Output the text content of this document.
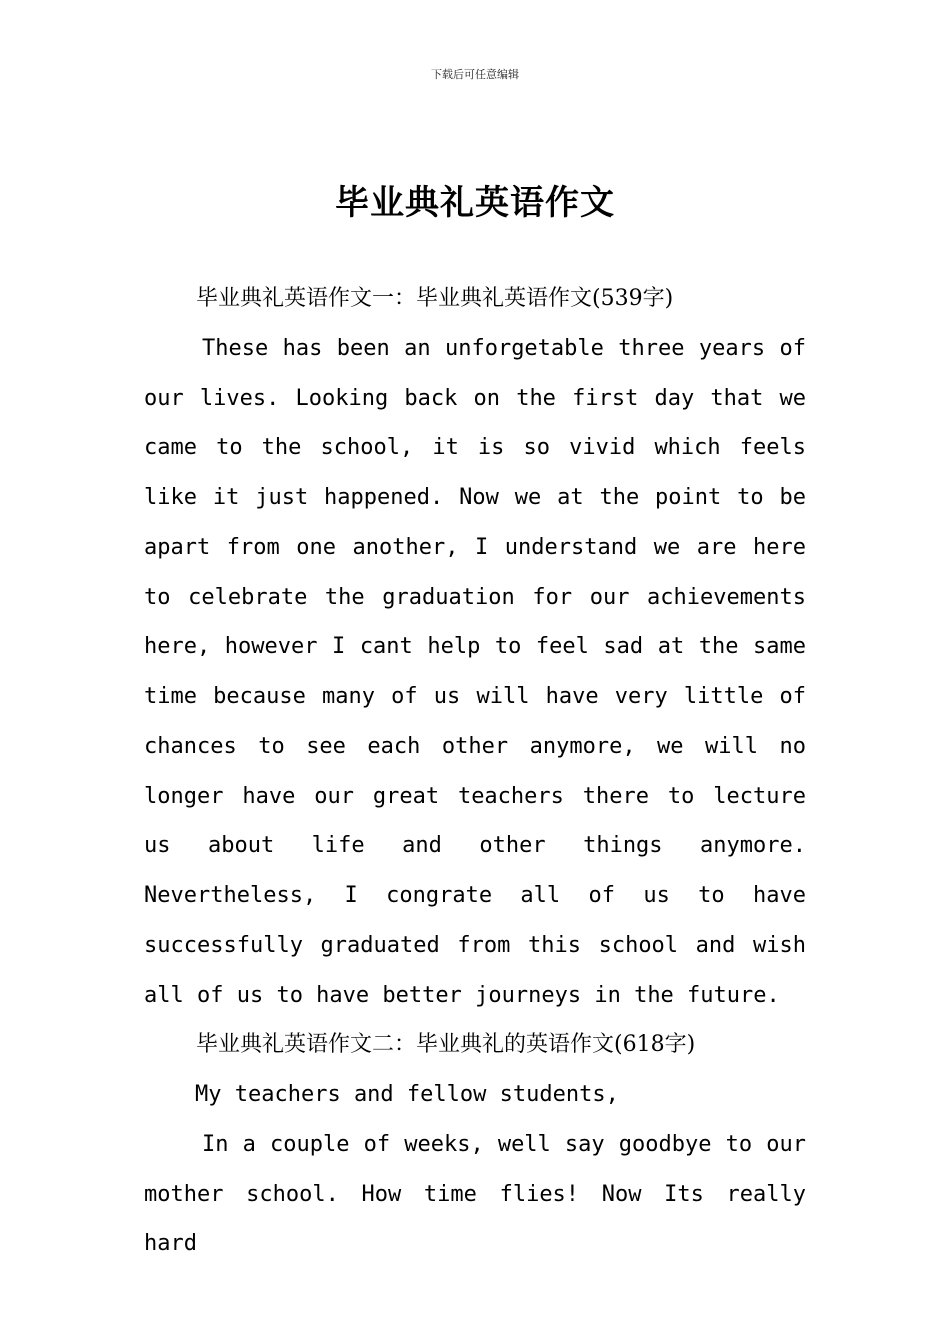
下载后可任意编辑
毕业典礼英语作文

毕业典礼英语作文一：毕业典礼英语作文(539字)

These has been an unforgetable three years of our lives. Looking back on the first day that we came to the school, it is so vivid which feels like it just happened. Now we at the point to be apart from one another, I understand we are here to celebrate the graduation for our achievements here, however I cant help to feel sad at the same time because many of us will have very little of chances to see each other anymore, we will no longer have our great teachers there to lecture us about life and other things anymore. Nevertheless, I congrate all of us to have successfully graduated from this school and wish all of us to have better journeys in the future.

毕业典礼英语作文二：毕业典礼的英语作文(618字)

My teachers and fellow students,

In a couple of weeks, well say goodbye to our mother school. How time flies! Now Its really hard
